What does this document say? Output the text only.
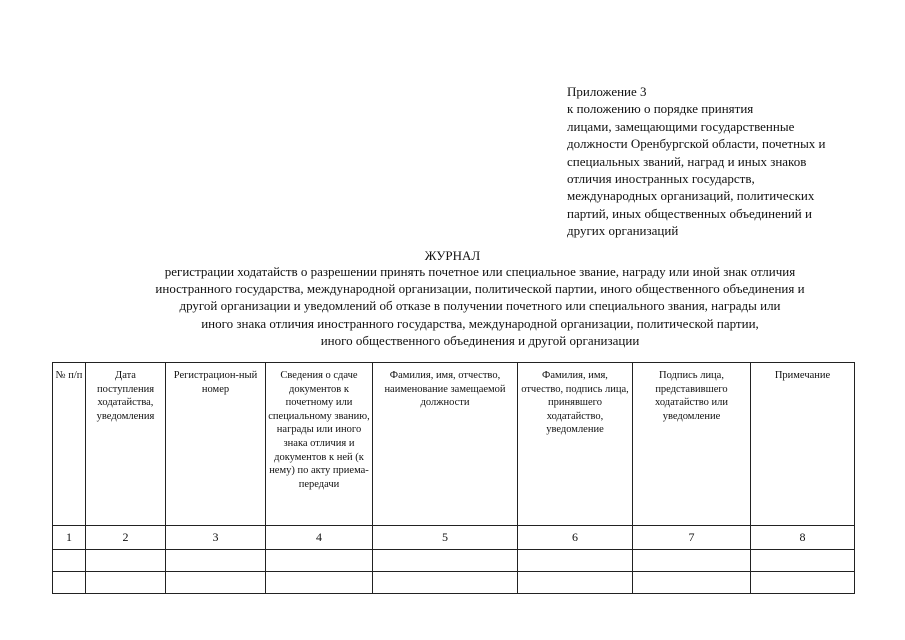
Приложение 3
к положению о порядке принятия
лицами, замещающими государственные
должности Оренбургской области, почетных и
специальных званий, наград и иных знаков
отличия иностранных государств,
международных организаций, политических
партий, иных общественных объединений и
других организаций
ЖУРНАЛ
регистрации ходатайств о разрешении принять почетное или специальное звание, награду или иной знак отличия
иностранного государства, международной организации, политической партии, иного общественного объединения и
другой организации и уведомлений об отказе в получении почетного или специального звания, награды или
иного знака отличия иностранного государства, международной организации, политической партии,
иного общественного объединения и другой организации
№ п/п	Дата поступления ходатайства, уведомления	Регистрацион-ный номер	Сведения о сдаче документов к почетному или специальному званию, награды или иного знака отличия и документов к ней (к нему) по акту приема-передачи	Фамилия, имя, отчество, наименование замещаемой должности	Фамилия, имя, отчество, подпись лица, принявшего ходатайство, уведомление	Подпись лица, представившего ходатайство или уведомление	Примечание

1	2	3	4	5	6	7	8
